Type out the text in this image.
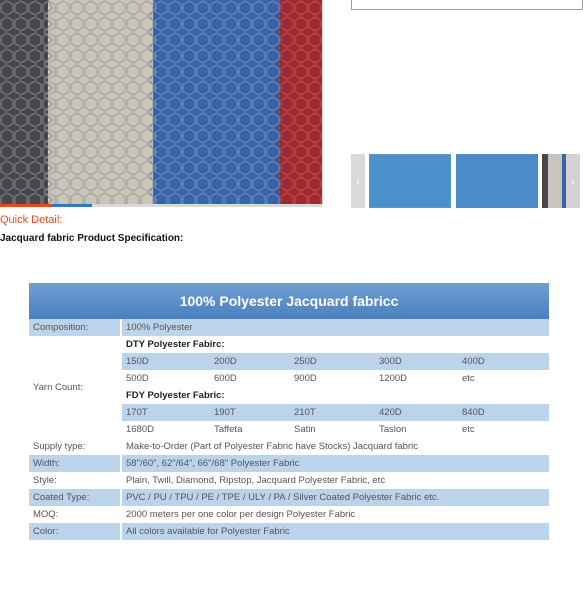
‹	›
Quick Detail:
Jacquard fabric Product Specification:
100% Polyester Jacquard fabricc					
Composition:	100% Polyester				
Yarn Count:	DTY Polyester Fabirc:				
	150D	200D	250D	300D	400D
	500D	600D	900D	1200D	etc
	FDY Polyester Fabric:				
	170T	190T	210T	420D	840D
	1680D	Taffeta	Satin	Taslon	etc
Supply type:	Make-to-Order (Part of Polyester Fabric have Stocks) Jacquard fabric				
Width:	58"/60", 62"/64", 66"/68" Polyester Fabric				
Style:	Plain, Twill, Diamond, Ripstop, Jacquard Polyester Fabric, etc				
Coated Type:	PVC / PU / TPU / PE / TPE / ULY / PA / Silver Coated Polyester Fabric etc.				
MOQ:	2000 meters per one color per design Polyester Fabric				
Color:	All colors available for Polyester Fabric				
